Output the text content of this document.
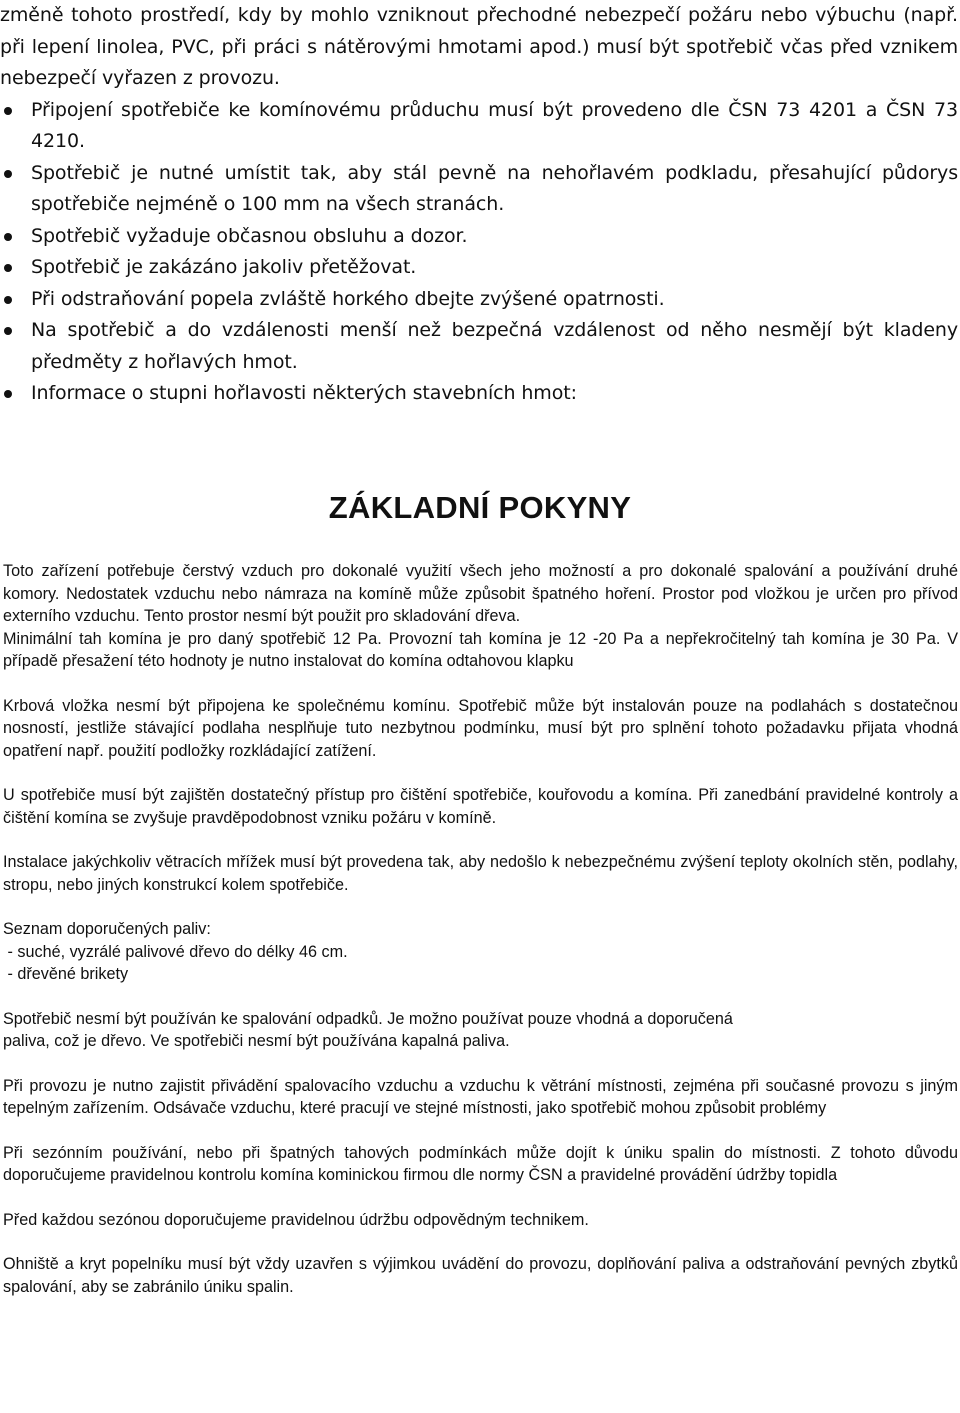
změně tohoto prostředí, kdy by mohlo vzniknout přechodné nebezpečí požáru nebo výbuchu (např. při lepení linolea, PVC, při práci s nátěrovými hmotami apod.) musí být spotřebič včas před vznikem nebezpečí vyřazen z provozu.

Připojení spotřebiče ke komínovému průduchu musí být provedeno dle ČSN 73 4201 a ČSN 73 4210.
Spotřebič je nutné umístit tak, aby stál pevně na nehořlavém podkladu, přesahující půdorys spotřebiče nejméně o 100 mm na všech stranách.
Spotřebič vyžaduje občasnou obsluhu a dozor.
Spotřebič je zakázáno jakoliv přetěžovat.
Při odstraňování popela zvláště horkého dbejte zvýšené opatrnosti.
Na spotřebič a do vzdálenosti menší než bezpečná vzdálenost od něho nesmějí být kladeny předměty z hořlavých hmot.
Informace o stupni hořlavosti některých stavebních hmot:
ZÁKLADNÍ POKYNY

Toto zařízení potřebuje čerstvý vzduch pro dokonalé využití všech jeho možností a pro dokonalé spalování a používání druhé komory. Nedostatek vzduchu nebo námraza na komíně může způsobit špatného hoření. Prostor pod vložkou je určen pro přívod externího vzduchu. Tento prostor nesmí být použit pro skladování dřeva.

Minimální tah komína je pro daný spotřebič 12 Pa. Provozní tah komína je 12 -20 Pa a nepřekročitelný tah komína je 30 Pa. V případě přesažení této hodnoty je nutno instalovat do komína odtahovou klapku

Krbová vložka nesmí být připojena ke společnému komínu. Spotřebič může být instalován pouze na podlahách s dostatečnou nosností, jestliže stávající podlaha nesplňuje tuto nezbytnou podmínku, musí být pro splnění tohoto požadavku přijata vhodná opatření např. použití podložky rozkládající zatížení.

U spotřebiče musí být zajištěn dostatečný přístup pro čištění spotřebiče, kouřovodu a komína. Při zanedbání pravidelné kontroly a čištění komína se zvyšuje pravděpodobnost vzniku požáru v komíně.

Instalace jakýchkoliv větracích mřížek musí být provedena tak, aby nedošlo k nebezpečnému zvýšení teploty okolních stěn, podlahy, stropu, nebo jiných konstrukcí kolem spotřebiče.

Seznam doporučených paliv:

- suché, vyzrálé palivové dřevo do délky 46 cm.

- dřevěné brikety

Spotřebič nesmí být používán ke spalování odpadků. Je možno používat pouze vhodná a doporučená

paliva, což je dřevo. Ve spotřebiči nesmí být používána kapalná paliva.

Při provozu je nutno zajistit přivádění spalovacího vzduchu a vzduchu k větrání místnosti, zejména při současné provozu s jiným tepelným zařízením. Odsávače vzduchu, které pracují ve stejné místnosti, jako spotřebič mohou způsobit problémy

Při sezónním používání, nebo při špatných tahových podmínkách může dojít k úniku spalin do místnosti. Z tohoto důvodu doporučujeme pravidelnou kontrolu komína kominickou firmou dle normy ČSN a pravidelné provádění údržby topidla

Před každou sezónou doporučujeme pravidelnou údržbu odpovědným technikem.

Ohniště a kryt popelníku musí být vždy uzavřen s výjimkou uvádění do provozu, doplňování paliva a odstraňování pevných zbytků spalování, aby se zabránilo úniku spalin.
